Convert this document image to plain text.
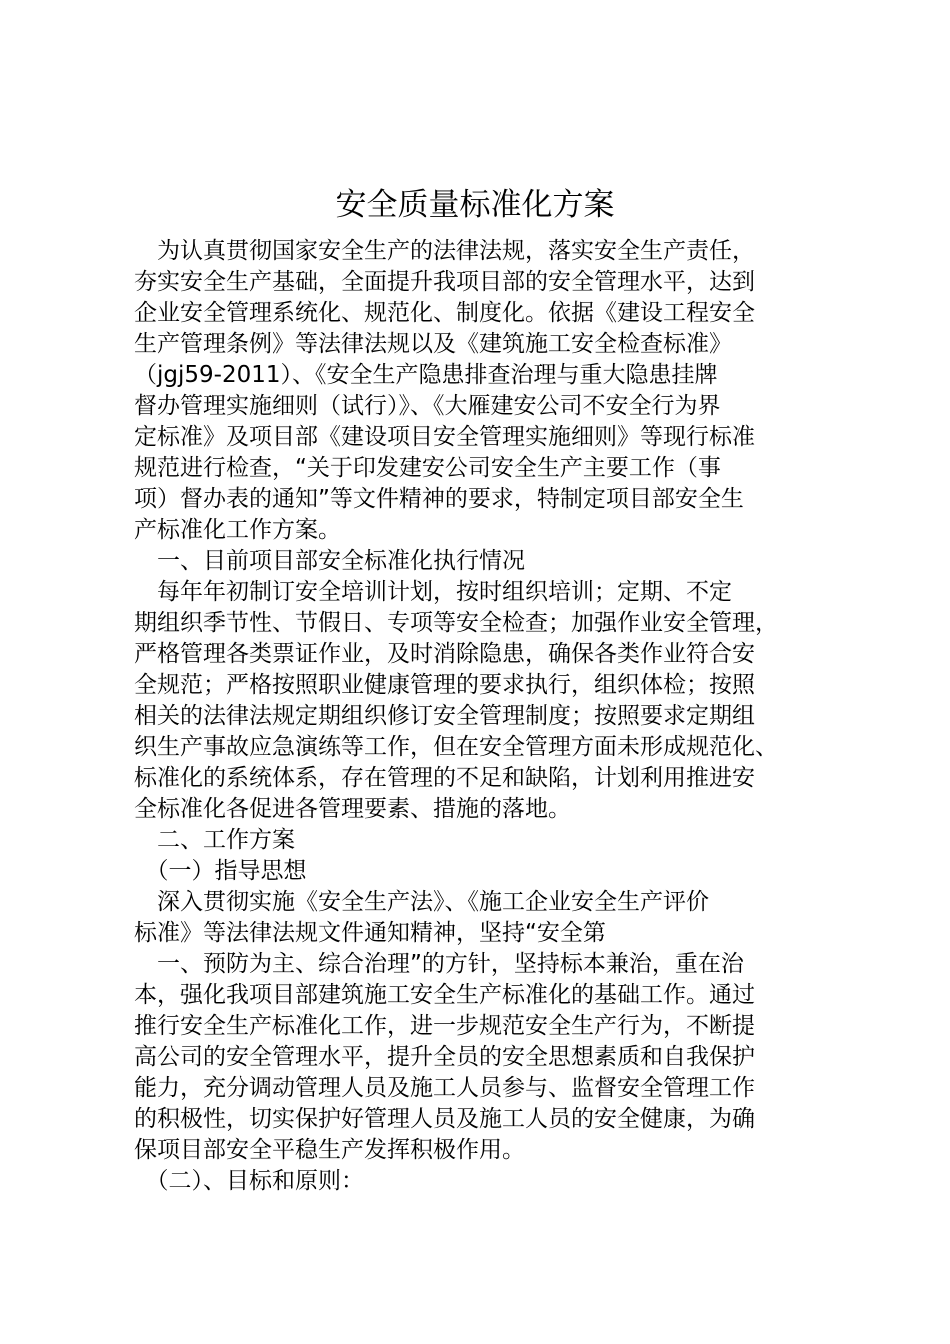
安全质量标准化方案

　为认真贯彻国家安全生产的法律法规，落实安全生产责任，

夯实安全生产基础，全面提升我项目部的安全管理水平，达到

企业安全管理系统化、规范化、制度化。依据《建设工程安全

生产管理条例》等法律法规以及《建筑施工安全检查标准》

（jgj59-2011）、《安全生产隐患排查治理与重大隐患挂牌

督办管理实施细则（试行）》、《大雁建安公司不安全行为界

定标准》及项目部《建设项目安全管理实施细则》等现行标准

规范进行检查，“关于印发建安公司安全生产主要工作（事

项）督办表的通知”等文件精神的要求，特制定项目部安全生

产标准化工作方案。

　一、目前项目部安全标准化执行情况

　每年年初制订安全培训计划，按时组织培训；定期、不定

期组织季节性、节假日、专项等安全检查；加强作业安全管理，

严格管理各类票证作业，及时消除隐患，确保各类作业符合安

全规范；严格按照职业健康管理的要求执行，组织体检；按照

相关的法律法规定期组织修订安全管理制度；按照要求定期组

织生产事故应急演练等工作，但在安全管理方面未形成规范化、

标准化的系统体系，存在管理的不足和缺陷，计划利用推进安

全标准化各促进各管理要素、措施的落地。

　二、工作方案

　（一）指导思想

　深入贯彻实施《安全生产法》、《施工企业安全生产评价

标准》等法律法规文件通知精神，坚持“安全第

　一、预防为主、综合治理”的方针，坚持标本兼治，重在治

本，强化我项目部建筑施工安全生产标准化的基础工作。通过

推行安全生产标准化工作，进一步规范安全生产行为，不断提

高公司的安全管理水平，提升全员的安全思想素质和自我保护

能力，充分调动管理人员及施工人员参与、监督安全管理工作

的积极性，切实保护好管理人员及施工人员的安全健康，为确

保项目部安全平稳生产发挥积极作用。

　（二）、目标和原则：
